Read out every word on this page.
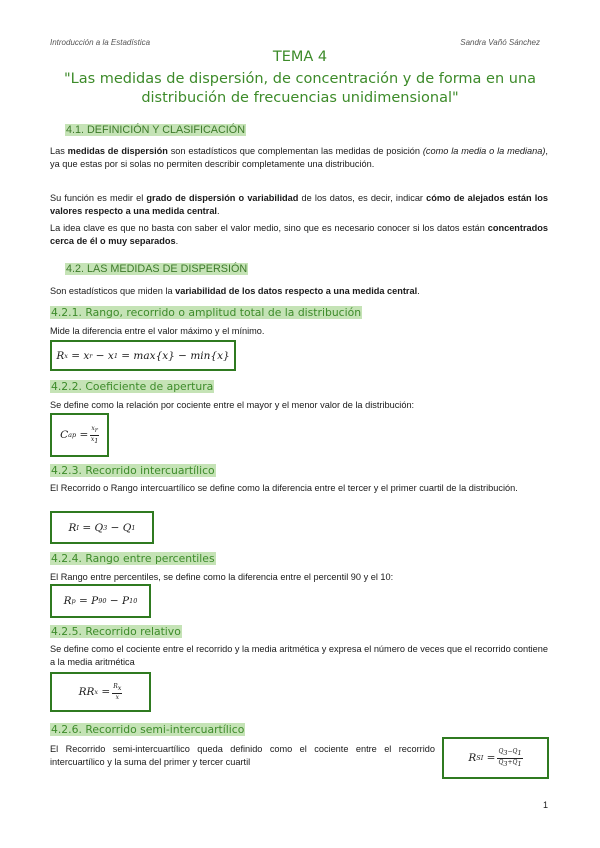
Introducción a la Estadística	Sandra Vañó Sánchez
TEMA 4
"Las medidas de dispersión, de concentración y de forma en una
distribución de frecuencias unidimensional"
4.1. DEFINICIÓN Y CLASIFICACIÓN
Las medidas de dispersión son estadísticos que complementan las medidas de posición (como la media o la mediana), ya que estas por si solas no permiten describir completamente una distribución.
Su función es medir el grado de dispersión o variabilidad de los datos, es decir, indicar cómo de alejados están los valores respecto a una medida central.
La idea clave es que no basta con saber el valor medio, sino que es necesario conocer si los datos están concentrados cerca de él o muy separados.
4.2. LAS MEDIDAS DE DISPERSIÓN
Son estadísticos que miden la variabilidad de los datos respecto a una medida central.
4.2.1. Rango, recorrido o amplitud total de la distribución
Mide la diferencia entre el valor máximo y el mínimo.
R x = x r − x 1 = max{x} − min{x}
4.2.2. Coeficiente de apertura
Se define como la relación por cociente entre el mayor y el menor valor de la distribución:
C ap = $\frac{x_r}{x_1}$
4.2.3. Recorrido intercuartílico
El Recorrido o Rango intercuartílico se define como la diferencia entre el tercer y el primer cuartil de la distribución.
R I = Q 3 − Q 1
4.2.4. Rango entre percentiles
El Rango entre percentiles, se define como la diferencia entre el percentil 90 y el 10:
R p = P 90 − P 10
4.2.5. Recorrido relativo
Se define como el cociente entre el recorrido y la media aritmética y expresa el número de veces que el recorrido contiene a la media aritmética
RR $x = \frac{R_x}{x}$
4.2.6. Recorrido semi-intercuartílico
El Recorrido semi-intercuartílico queda definido como el cociente entre el recorrido intercuartílico y la suma del primer y tercer cuartil	R SI = $\frac{Q_3-Q_1}{Q_3+Q_1}$
1
